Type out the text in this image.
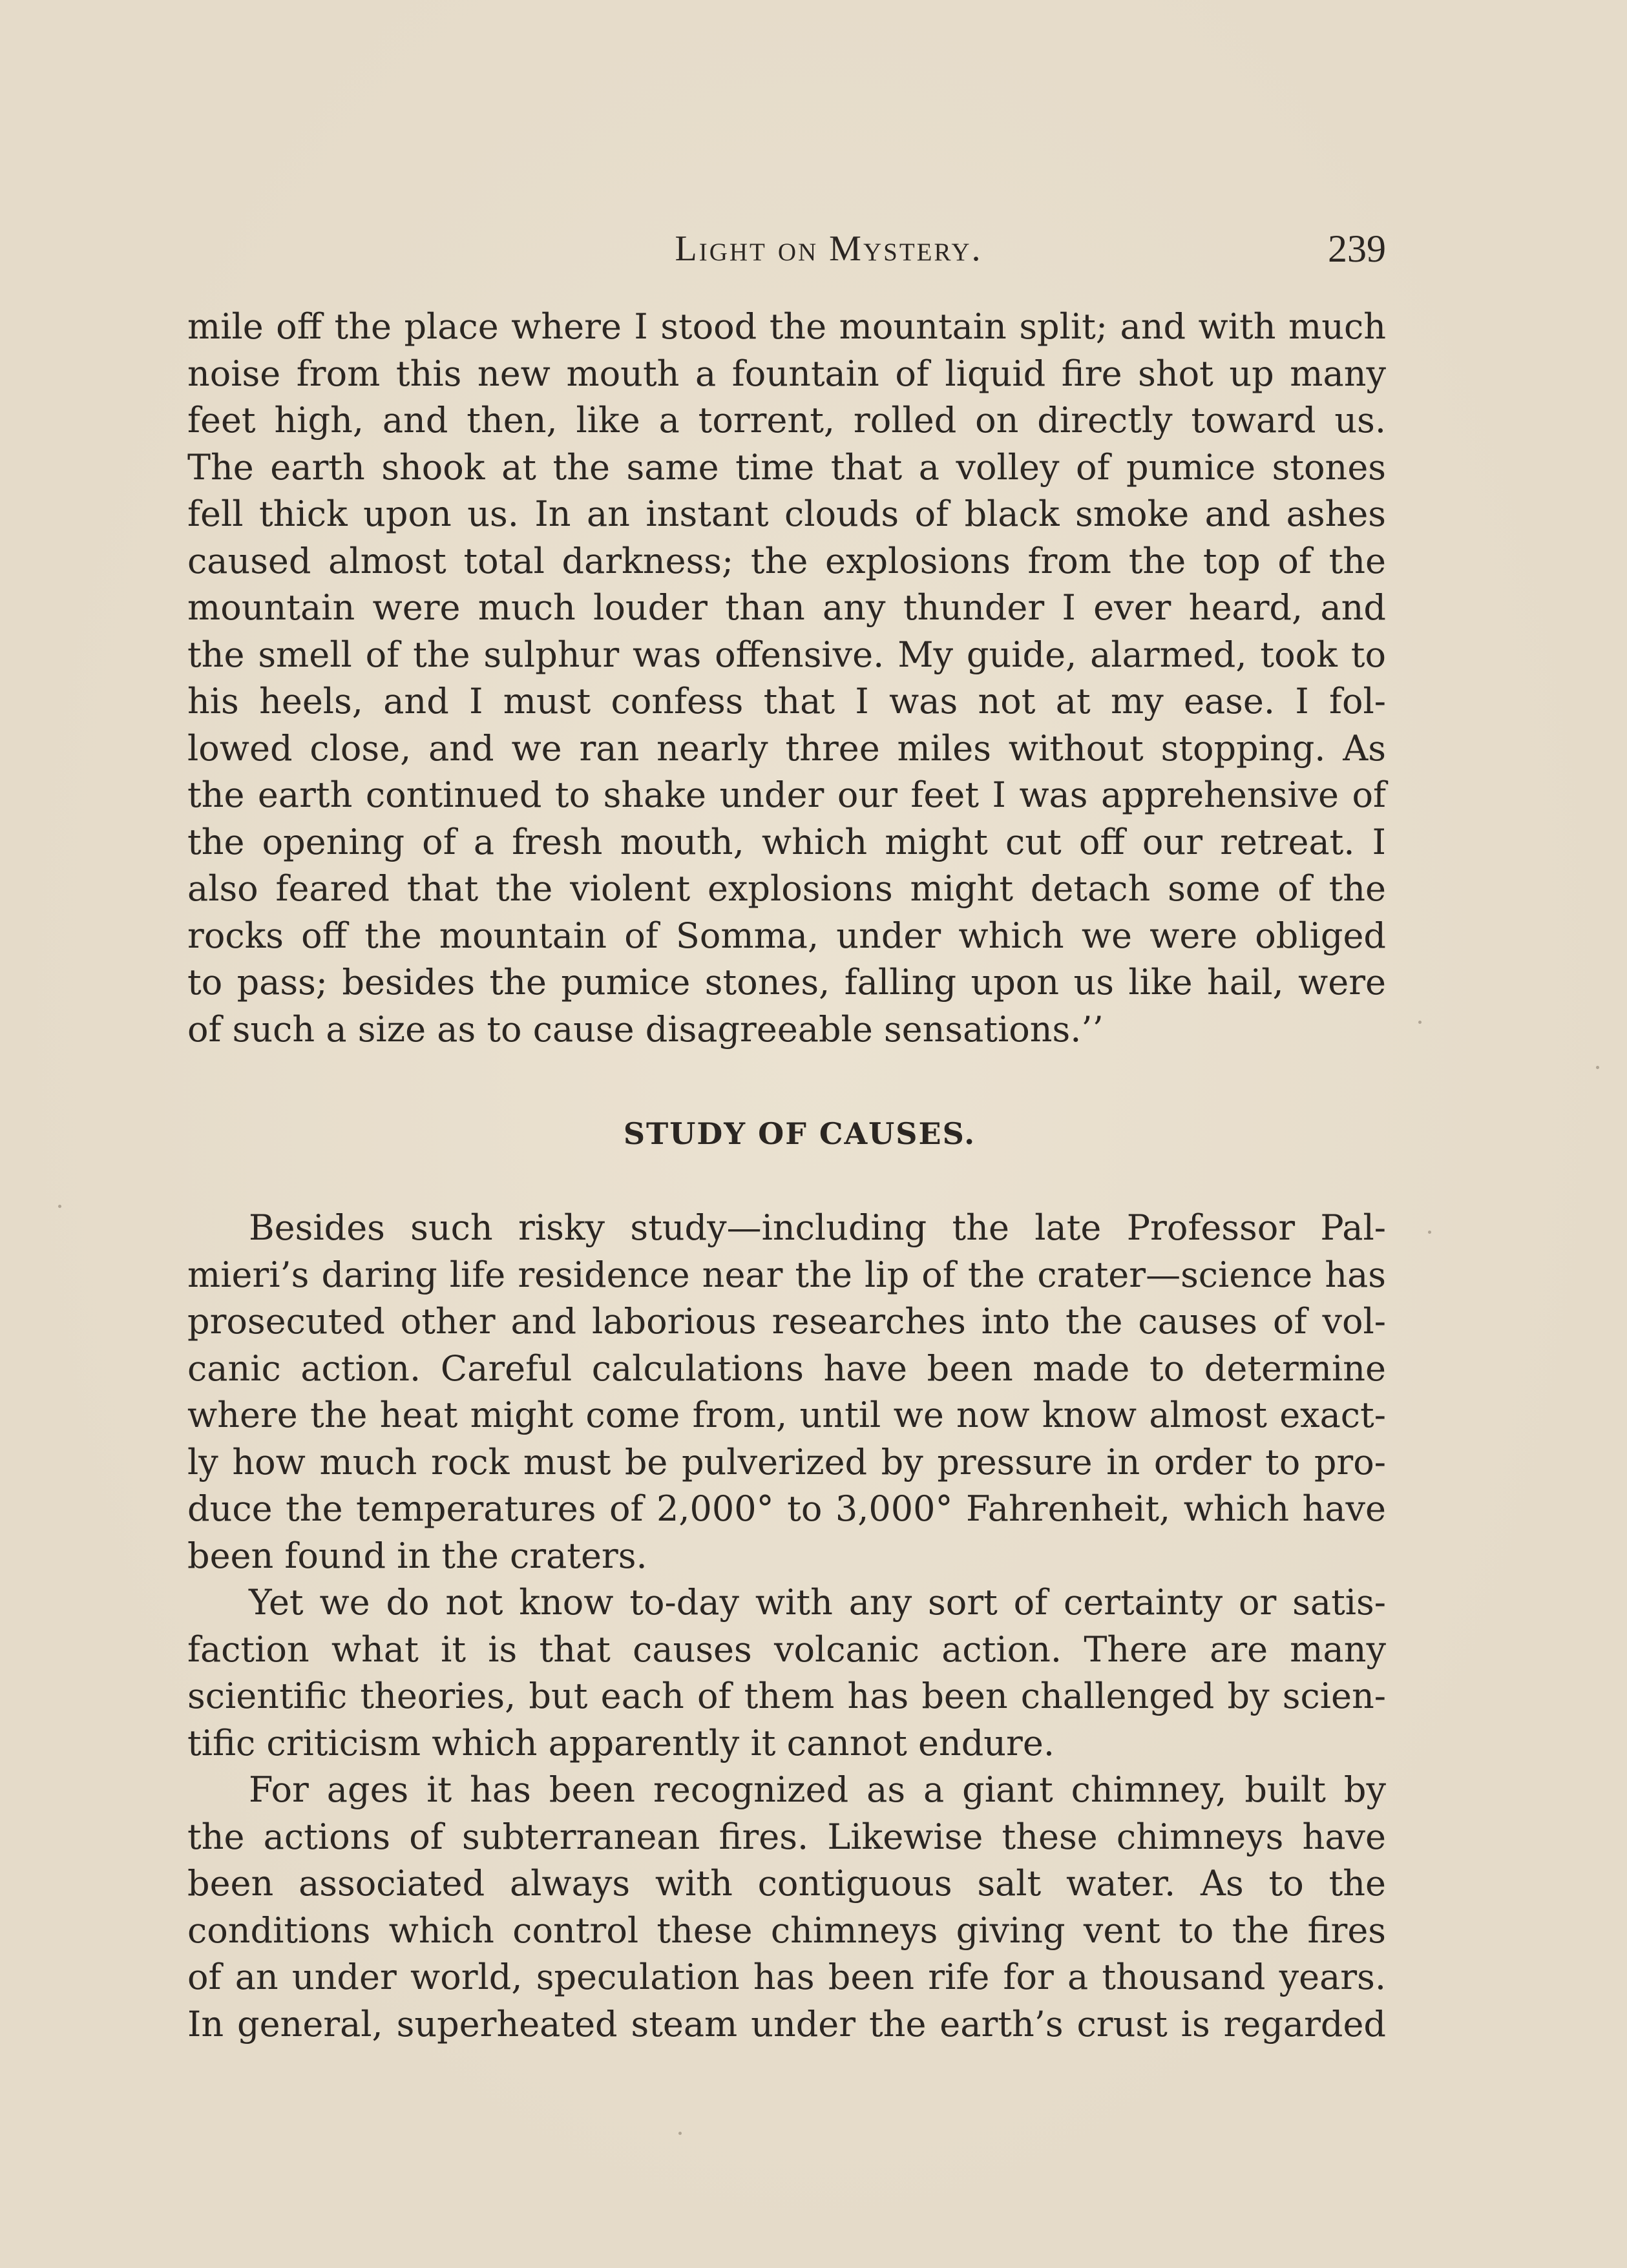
Light on Mystery.	239
mile off the place where I stood the mountain split; and with much
noise from this new mouth a fountain of liquid fire shot up many
feet high, and then, like a torrent, rolled on directly toward us.
The earth shook at the same time that a volley of pumice stones
fell thick upon us. In an instant clouds of black smoke and ashes
caused almost total darkness; the explosions from the top of the
mountain were much louder than any thunder I ever heard, and
the smell of the sulphur was offensive. My guide, alarmed, took to
his heels, and I must confess that I was not at my ease. I fol-
lowed close, and we ran nearly three miles without stopping. As
the earth continued to shake under our feet I was apprehensive of
the opening of a fresh mouth, which might cut off our retreat. I
also feared that the violent explosions might detach some of the
rocks off the mountain of Somma, under which we were obliged
to pass; besides the pumice stones, falling upon us like hail, were
of such a size as to cause disagreeable sensations.’’
STUDY OF CAUSES.
Besides such risky study—including the late Professor Pal-
mieri’s daring life residence near the lip of the crater—science has
prosecuted other and laborious researches into the causes of vol-
canic action. Careful calculations have been made to determine
where the heat might come from, until we now know almost exact-
ly how much rock must be pulverized by pressure in order to pro-
duce the temperatures of 2,000° to 3,000° Fahrenheit, which have
been found in the craters.
Yet we do not know to-day with any sort of certainty or satis-
faction what it is that causes volcanic action. There are many
scientific theories, but each of them has been challenged by scien-
tific criticism which apparently it cannot endure.
For ages it has been recognized as a giant chimney, built by
the actions of subterranean fires. Likewise these chimneys have
been associated always with contiguous salt water. As to the
conditions which control these chimneys giving vent to the fires
of an under world, speculation has been rife for a thousand years.
In general, superheated steam under the earth’s crust is regarded
